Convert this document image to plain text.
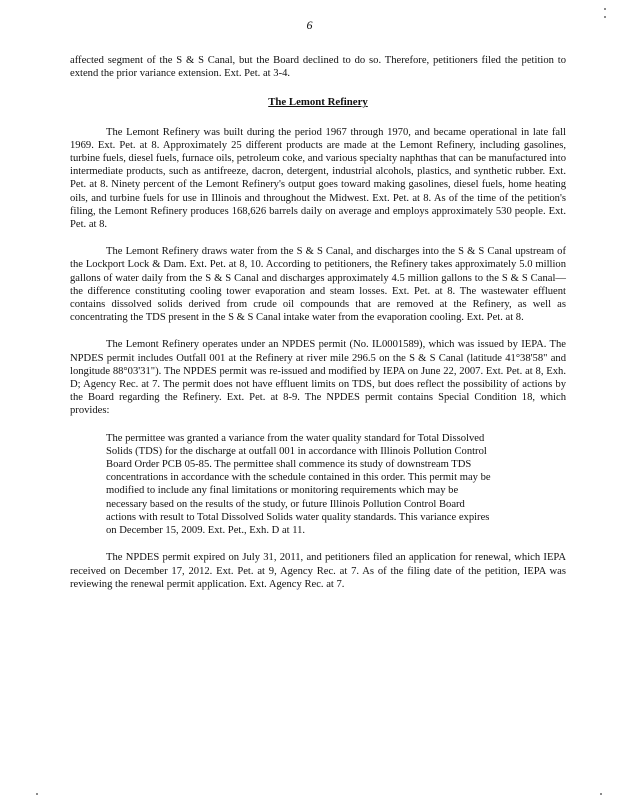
6

affected segment of the S & S Canal, but the Board declined to do so. Therefore, petitioners filed the petition to extend the prior variance extension. Ext. Pet. at 3-4.

The Lemont Refinery

The Lemont Refinery was built during the period 1967 through 1970, and became operational in late fall 1969. Ext. Pet. at 8. Approximately 25 different products are made at the Lemont Refinery, including gasolines, turbine fuels, diesel fuels, furnace oils, petroleum coke, and various specialty naphthas that can be manufactured into intermediate products, such as antifreeze, dacron, detergent, industrial alcohols, plastics, and synthetic rubber. Ext. Pet. at 8. Ninety percent of the Lemont Refinery's output goes toward making gasolines, diesel fuels, home heating oils, and turbine fuels for use in Illinois and throughout the Midwest. Ext. Pet. at 8. As of the time of the petition's filing, the Lemont Refinery produces 168,626 barrels daily on average and employs approximately 530 people. Ext. Pet. at 8.

The Lemont Refinery draws water from the S & S Canal, and discharges into the S & S Canal upstream of the Lockport Lock & Dam. Ext. Pet. at 8, 10. According to petitioners, the Refinery takes approximately 5.0 million gallons of water daily from the S & S Canal and discharges approximately 4.5 million gallons to the S & S Canal—the difference constituting cooling tower evaporation and steam losses. Ext. Pet. at 8. The wastewater effluent contains dissolved solids derived from crude oil compounds that are removed at the Refinery, as well as concentrating the TDS present in the S & S Canal intake water from the evaporation cooling. Ext. Pet. at 8.

The Lemont Refinery operates under an NPDES permit (No. IL0001589), which was issued by IEPA. The NPDES permit includes Outfall 001 at the Refinery at river mile 296.5 on the S & S Canal (latitude 41°38'58" and longitude 88°03'31"). The NPDES permit was re-issued and modified by IEPA on June 22, 2007. Ext. Pet. at 8, Exh. D; Agency Rec. at 7. The permit does not have effluent limits on TDS, but does reflect the possibility of actions by the Board regarding the Refinery. Ext. Pet. at 8-9. The NPDES permit contains Special Condition 18, which provides:

The permittee was granted a variance from the water quality standard for Total Dissolved Solids (TDS) for the discharge at outfall 001 in accordance with Illinois Pollution Control Board Order PCB 05-85. The permittee shall commence its study of downstream TDS concentrations in accordance with the schedule contained in this order. This permit may be modified to include any final limitations or monitoring requirements which may be necessary based on the results of the study, or future Illinois Pollution Control Board actions with result to Total Dissolved Solids water quality standards. This variance expires on December 15, 2009. Ext. Pet., Exh. D at 11.

The NPDES permit expired on July 31, 2011, and petitioners filed an application for renewal, which IEPA received on December 17, 2012. Ext. Pet. at 9, Agency Rec. at 7. As of the filing date of the petition, IEPA was reviewing the renewal permit application. Ext. Agency Rec. at 7.
